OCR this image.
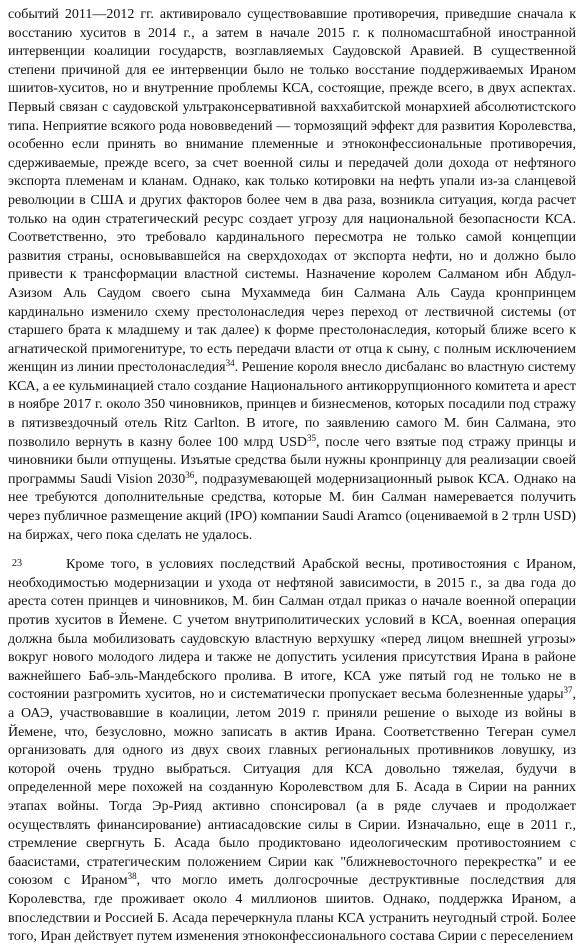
событий 2011—2012 гг. активировало существовавшие противоречия, приведшие сначала к восстанию хуситов в 2014 г., а затем в начале 2015 г. к полномасштабной иностранной интервенции коалиции государств, возглавляемых Саудовской Аравией. В существенной степени причиной для ее интервенции было не только восстание поддерживаемых Ираном шиитов-хуситов, но и внутренние проблемы КСА, состоящие, прежде всего, в двух аспектах. Первый связан с саудовской ультраконсервативной ваххабитской монархией абсолютистского типа. Неприятие всякого рода нововведений — тормозящий эффект для развития Королевства, особенно если принять во внимание племенные и этноконфессиональные противоречия, сдерживаемые, прежде всего, за счет военной силы и передачей доли дохода от нефтяного экспорта племенам и кланам. Однако, как только котировки на нефть упали из-за сланцевой революции в США и других факторов более чем в два раза, возникла ситуация, когда расчет только на один стратегический ресурс создает угрозу для национальной безопасности КСА. Соответственно, это требовало кардинального пересмотра не только самой концепции развития страны, основывавшейся на сверхдоходах от экспорта нефти, но и должно было привести к трансформации властной системы. Назначение королем Салманом ибн Абдул-Азизом Аль Саудом своего сына Мухаммеда бин Салмана Аль Сауда кронпринцем кардинально изменило схему престолонаследия через переход от лествичной системы (от старшего брата к младшему и так далее) к форме престолонаследия, который ближе всего к агнатической примогенитуре, то есть передачи власти от отца к сыну, с полным исключением женщин из линии престолонаследия$^{34}$. Решение короля внесло дисбаланс во властную систему КСА, а ее кульминацией стало создание Национального антикоррупционного комитета и арест в ноябре 2017 г. около 350 чиновников, принцев и бизнесменов, которых посадили под стражу в пятизвездочный отель Ritz Carlton. В итоге, по заявлению самого М. бин Салмана, это позволило вернуть в казну более 100 млрд USD$^{35}$, после чего взятые под стражу принцы и чиновники были отпущены. Изъятые средства были нужны кронпринцу для реализации своей программы Saudi Vision 2030$^{36}$, подразумевающей модернизационный рывок КСА. Однако на нее требуются дополнительные средства, которые М. бин Салман намеревается получить через публичное размещение акций (IPO) компании Saudi Aramco (оцениваемой в 2 трлн USD) на биржах, чего пока сделать не удалось.

23	Кроме того, в условиях последствий Арабской весны, противостояния с Ираном, необходимостью модернизации и ухода от нефтяной зависимости, в 2015 г., за два года до ареста сотен принцев и чиновников, М. бин Салман отдал приказ о начале военной операции против хуситов в Йемене. С учетом внутриполитических условий в КСА, военная операция должна была мобилизовать саудовскую властную верхушку «перед лицом внешней угрозы» вокруг нового молодого лидера и также не допустить усиления присутствия Ирана в районе важнейшего Баб-эль-Мандебского пролива. В итоге, КСА уже пятый год не только не в состоянии разгромить хуситов, но и систематически пропускает весьма болезненные удары$^{37}$, а ОАЭ, участвовавшие в коалиции, летом 2019 г. приняли решение о выходе из войны в Йемене, что, безусловно, можно записать в актив Ирана. Соответственно Тегеран сумел организовать для одного из двух своих главных региональных противников ловушку, из которой очень трудно выбраться. Ситуация для КСА довольно тяжелая, будучи в определенной мере похожей на созданную Королевством для Б. Асада в Сирии на ранних этапах войны. Тогда Эр-Рияд активно спонсировал (а в ряде случаев и продолжает осуществлять финансирование) антиасадовские силы в Сирии. Изначально, еще в 2011 г., стремление свергнуть Б. Асада было продиктовано идеологическим противостоянием с баасистами, стратегическим положением Сирии как "ближневосточного перекрестка" и ее союзом с Ираном$^{38}$, что могло иметь долгосрочные деструктивные последствия для Королевства, где проживает около 4 миллионов шиитов. Однако, поддержка Ираном, а впоследствии и Россией Б. Асада перечеркнула планы КСА устранить неугодный строй. Более того, Иран действует путем изменения этноконфессионального состава Сирии с переселением
